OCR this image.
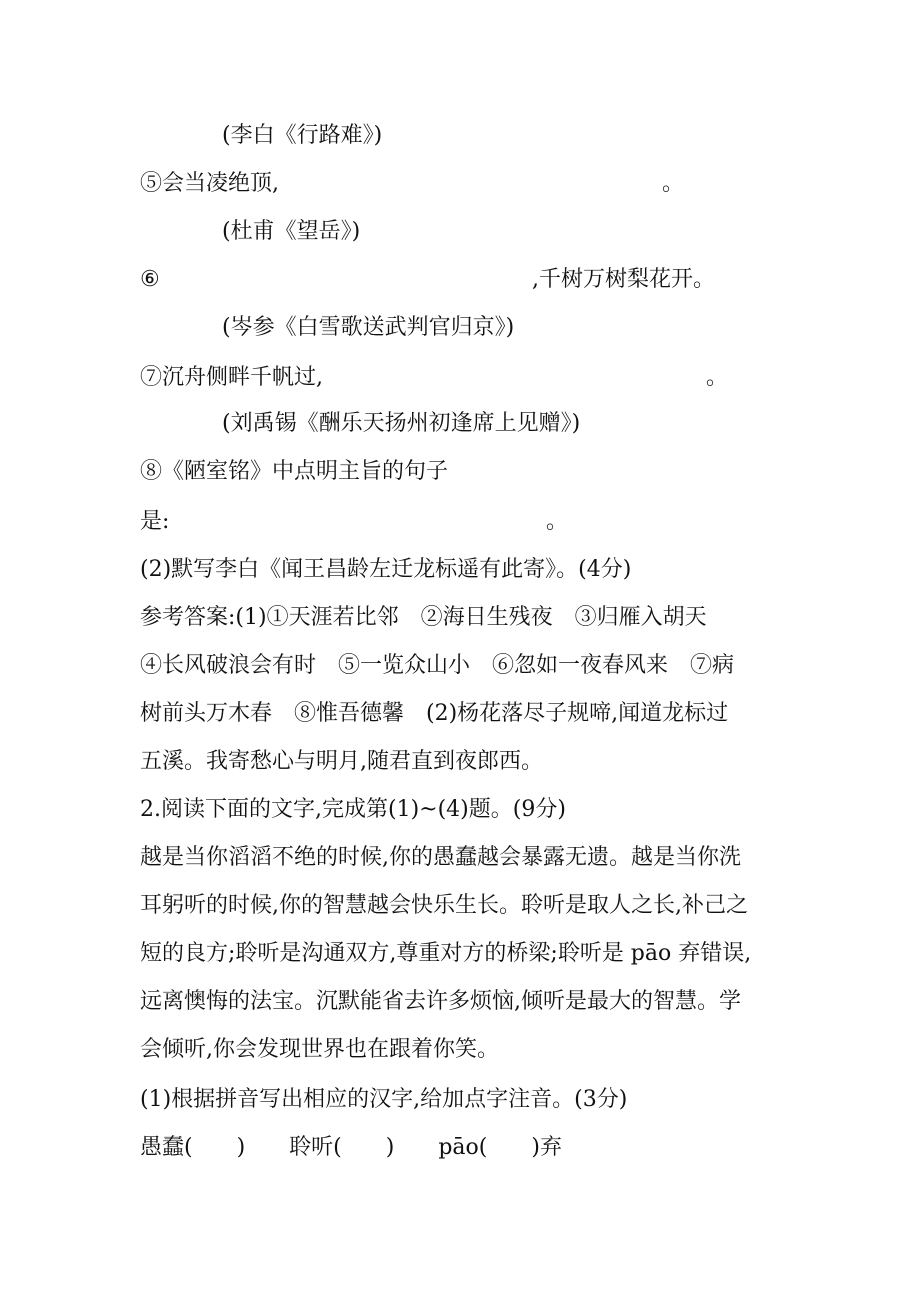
(李白《行路难》)
⑤会当凌绝顶,	。
(杜甫《望岳》)
⑥	,千树万树梨花开。
(岑参《白雪歌送武判官归京》)
⑦沉舟侧畔千帆过,	。
(刘禹锡《酬乐天扬州初逢席上见赠》)
⑧《陋室铭》中点明主旨的句子
是:	。
(2)默写李白《闻王昌龄左迁龙标遥有此寄》。(4分)
参考答案:(1)①天涯若比邻　②海日生残夜　③归雁入胡天
④长风破浪会有时　⑤一览众山小　⑥忽如一夜春风来　⑦病
树前头万木春　⑧惟吾德馨　(2)杨花落尽子规啼,闻道龙标过
五溪。我寄愁心与明月,随君直到夜郎西。
2.阅读下面的文字,完成第(1)~(4)题。(9分)
越是当你滔滔不绝的时候,你的愚蠢越会暴露无遗。越是当你洗
耳躬听的时候,你的智慧越会快乐生长。聆听是取人之长,补己之
短的良方;聆听是沟通双方,尊重对方的桥梁;聆听是 pāo 弃错误,
远离懊悔的法宝。沉默能省去许多烦恼,倾听是最大的智慧。学
会倾听,你会发现世界也在跟着你笑。
(1)根据拼音写出相应的汉字,给加点字注音。(3分)
愚蠢(　　)　　聆听(　　)　　pāo(　　)弃
